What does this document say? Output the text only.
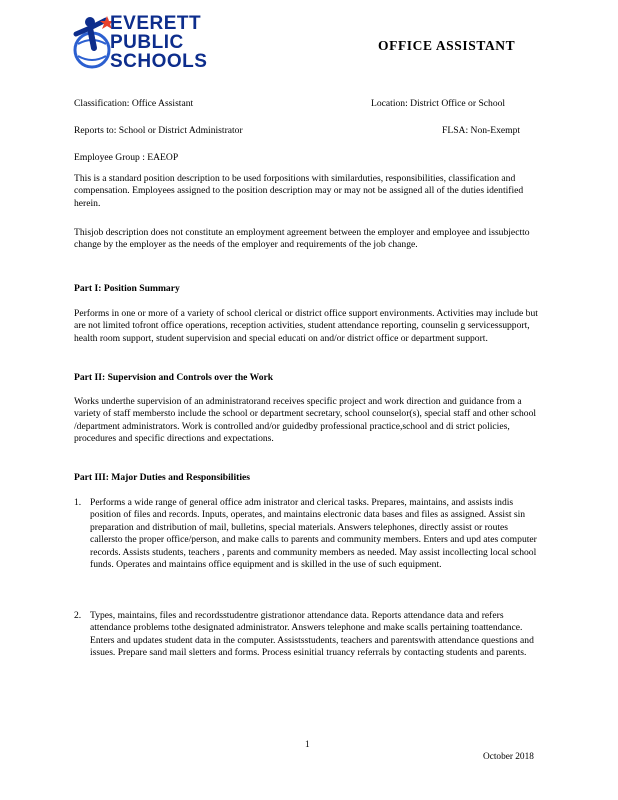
EVERETT
PUBLIC
SCHOOLS
OFFICE ASSISTANT
Classification: Office Assistant	Location: District Office or School
Reports to: School or District Administrator	FLSA: Non-Exempt
Employee Group : EAEOP
This is a standard position description to be used forpositions with similarduties, responsibilities, classification and compensation. Employees assigned to the position description may or may not be assigned all of the duties identified herein.
Thisjob description does not constitute an employment agreement between the employer and employee and issubjectto change by the employer as the needs of the employer and requirements of the job change.
Part I: Position Summary
Performs in one or more of a variety of school clerical or district office support environments. Activities may include but are not limited tofront office operations, reception activities, student attendance reporting, counselin g servicessupport, health room support, student supervision and special educati on and/or district office or department support.
Part II: Supervision and Controls over the Work
Works underthe supervision of an administratorand receives specific project and work direction and guidance from a variety of staff membersto include the school or department secretary, school counselor(s), special staff and other school /department administrators. Work is controlled and/or guidedby professional practice,school and di strict policies, procedures and specific directions and expectations.
Part III: Major Duties and Responsibilities
1. Performs a wide range of general office adm inistrator and clerical tasks. Prepares, maintains, and assists indis position of files and records. Inputs, operates, and maintains electronic data bases and files as assigned. Assist sin preparation and distribution of mail, bulletins, special materials. Answers telephones, directly assist or routes callersto the proper office/person, and make calls to parents and community members. Enters and upd ates computer records. Assists students, teachers , parents and community members as needed. May assist incollecting local school funds. Operates and maintains office equipment and is skilled in the use of such equipment.
2. Types, maintains, files and recordsstudentre gistrationor attendance data. Reports attendance data and refers attendance problems tothe designated administrator. Answers telephone and make scalls pertaining toattendance. Enters and updates student data in the computer. Assistsstudents, teachers and parentswith attendance questions and issues. Prepare sand mail sletters and forms. Process esinitial truancy referrals by contacting students and parents.
1
October 2018
